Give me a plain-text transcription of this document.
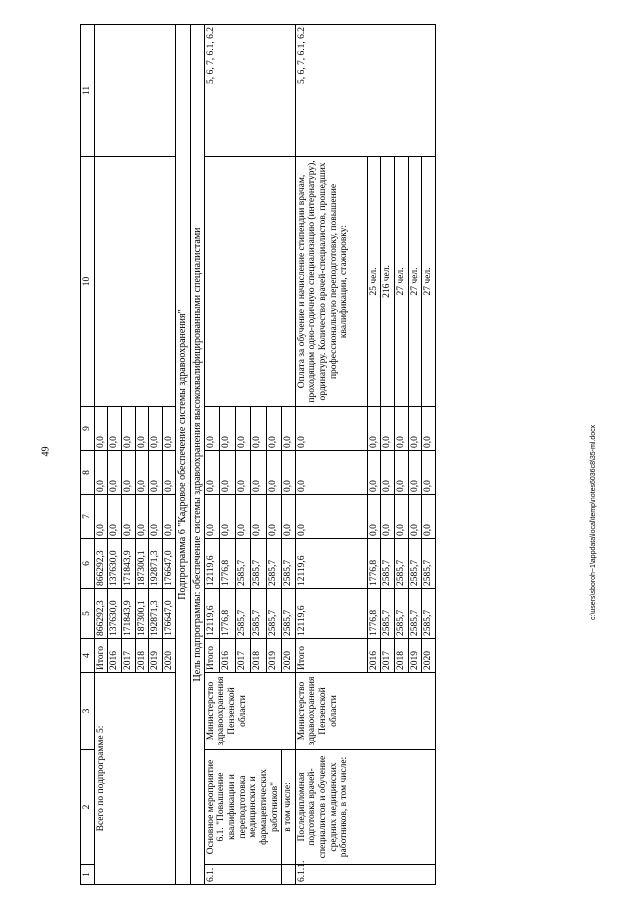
49
1	2	3	4	5	6	7	8	9	10	11
Всего по подпрограмме 5:			Итого	866292,3	866292,3	0,0	0,0	0,0		
			2016	137630,0	137630,0	0,0	0,0	0,0		
			2017	171843,9	171843,9	0,0	0,0	0,0		
			2018	187300,1	187300,1	0,0	0,0	0,0		
			2019	192871,3	192871,3	0,0	0,0	0,0		
			2020	176647,0	176647,0	0,0	0,0	0,0		
Подпрограмма 6 "Кадровое обеспечение системы здравоохранения"										
Цель подпрограммы: обеспечение системы здравоохранения высококвалифицированными специалистами										
6.1.	Основное мероприятие 6.1. "Повышение квалификации и переподготовка медицинских и фармацевтических работников"	Министерство здравоохранения Пензенской области	Итого	12119,6	12119,6	0,0	0,0	0,0		5, 6, 7, 6.1, 6.2
			2016	1776,8	1776,8	0,0	0,0	0,0		
			2017	2585,7	2585,7	0,0	0,0	0,0		
			2018	2585,7	2585,7	0,0	0,0	0,0		
			2019	2585,7	2585,7	0,0	0,0	0,0		
	в том числе:		2020	2585,7	2585,7	0,0	0,0	0,0		
6.1.1.	Последипломная подготовка врачей-специалистов и обучение средних медицинских работников, в том числе:	Министерство здравоохранения Пензенской области	Итого	12119,6	12119,6	0,0	0,0	0,0	Оплата за обучение и начисление стипендии врачам, проходящим одно-годичную специализацию (интернатуру), ординатуру. Количество врачей-специалистов, прошедших профессиональную переподготовку, повышение квалификации, стажировку:	5, 6, 7, 6.1, 6.2
			2016	1776,8	1776,8	0,0	0,0	0,0	25 чел.	
			2017	2585,7	2585,7	0,0	0,0	0,0	216 чел.	
			2018	2585,7	2585,7	0,0	0,0	0,0	27 чел.	
			2019	2585,7	2585,7	0,0	0,0	0,0	27 чел.	
			2020	2585,7	2585,7	0,0	0,0	0,0	27 чел.	
c:\users\sboroh~1\appdata\local\temp\notes6036c8\35-ml.docx
